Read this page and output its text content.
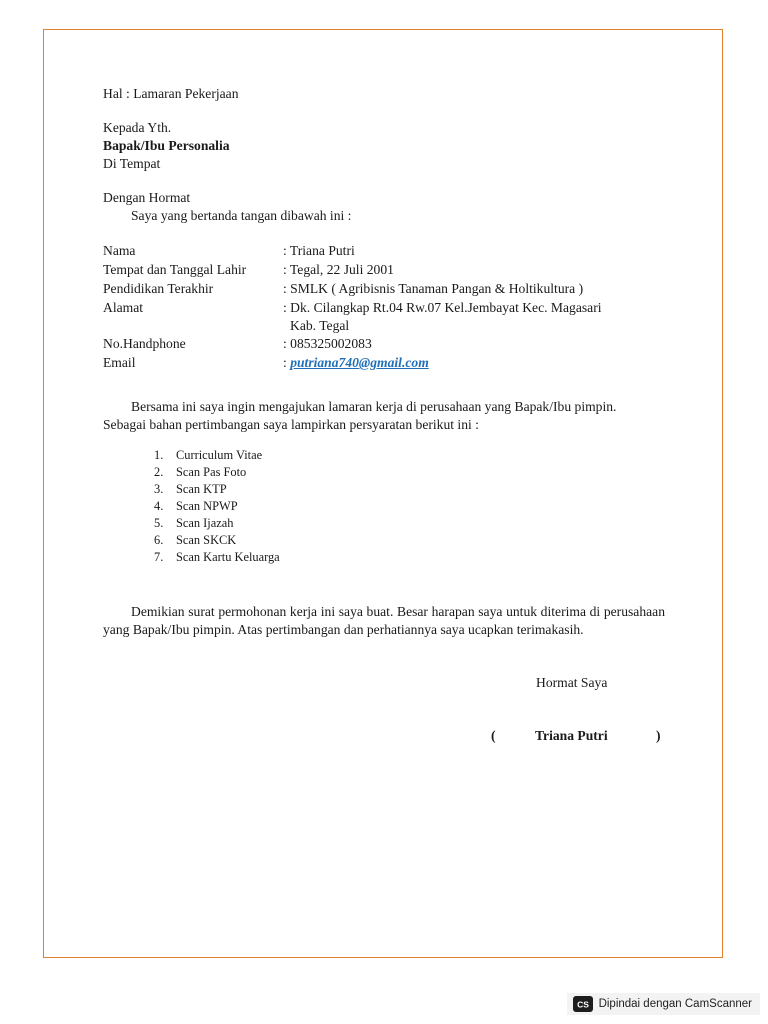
Hal : Lamaran Pekerjaan
Kepada Yth.
Bapak/Ibu Personalia
Di Tempat
Dengan Hormat
Saya yang bertanda tangan dibawah ini :
Nama	: Triana Putri
Tempat dan Tanggal Lahir	: Tegal, 22 Juli 2001
Pendidikan Terakhir	: SMLK ( Agribisnis Tanaman Pangan & Holtikultura )
Alamat	: Dk. Cilangkap Rt.04 Rw.07 Kel.Jembayat Kec. Magasari
Kab. Tegal
No.Handphone	: 085325002083
Email	: putriana740@gmail.com
Bersama ini saya ingin mengajukan lamaran kerja di perusahaan yang Bapak/Ibu pimpin.
Sebagai bahan pertimbangan saya lampirkan persyaratan berikut ini :
1. Curriculum Vitae
2. Scan Pas Foto
3. Scan KTP
4. Scan NPWP
5. Scan Ijazah
6. Scan SKCK
7. Scan Kartu Keluarga
Demikian surat permohonan kerja ini saya buat. Besar harapan saya untuk diterima di perusahaan yang Bapak/Ibu pimpin. Atas pertimbangan dan perhatiannya saya ucapkan terimakasih.
Hormat Saya
(	Triana Putri	)
CS Dipindai dengan CamScanner
